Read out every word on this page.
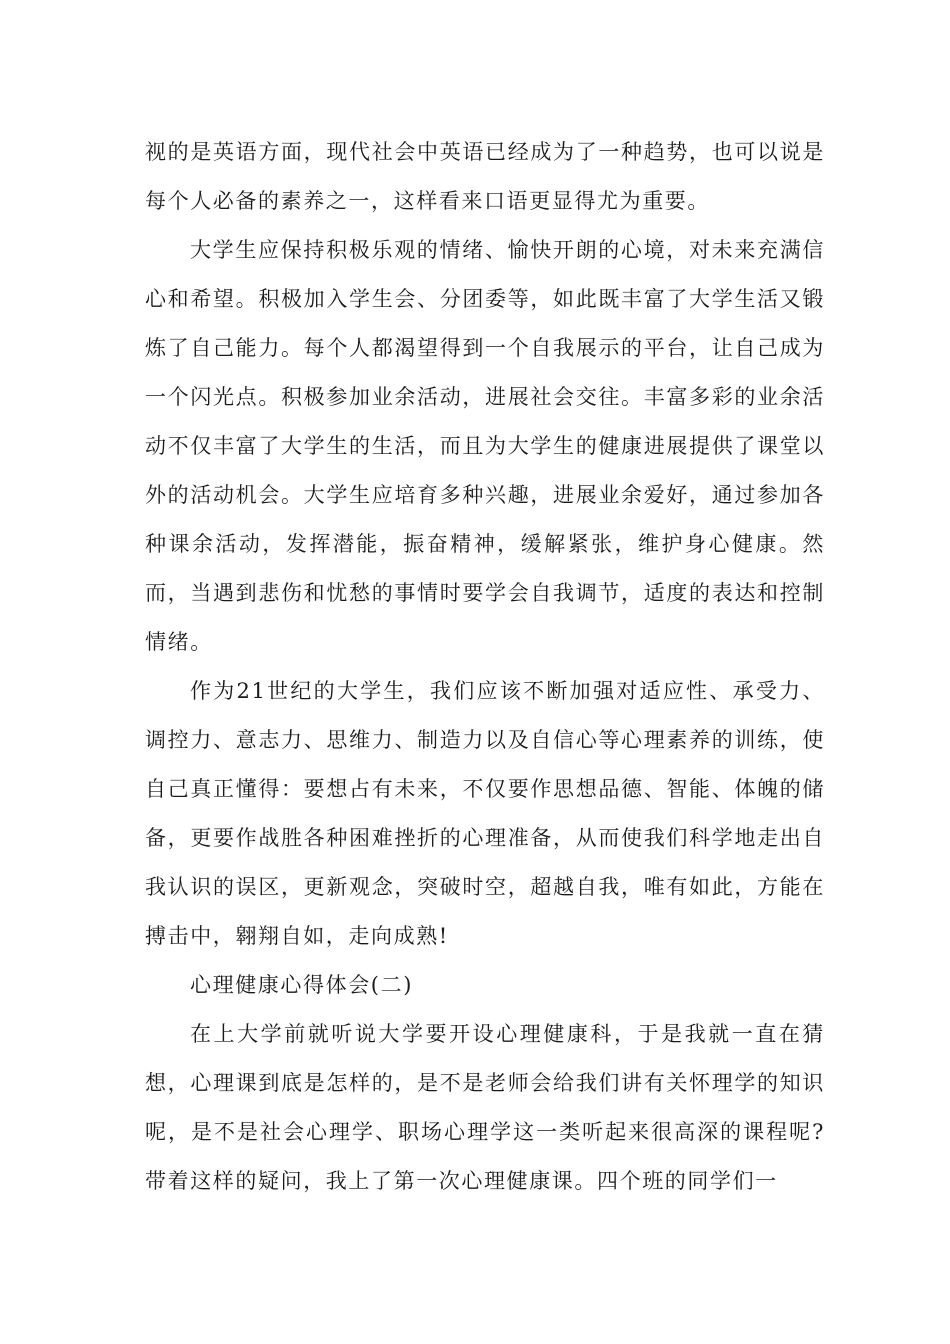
视的是英语方面，现代社会中英语已经成为了一种趋势，也可以说是每个人必备的素养之一，这样看来口语更显得尤为重要。

大学生应保持积极乐观的情绪、愉快开朗的心境，对未来充满信心和希望。积极加入学生会、分团委等，如此既丰富了大学生活又锻炼了自己能力。每个人都渴望得到一个自我展示的平台，让自己成为一个闪光点。积极参加业余活动，进展社会交往。丰富多彩的业余活动不仅丰富了大学生的生活，而且为大学生的健康进展提供了课堂以外的活动机会。大学生应培育多种兴趣，进展业余爱好，通过参加各种课余活动，发挥潜能，振奋精神，缓解紧张，维护身心健康。然而，当遇到悲伤和忧愁的事情时要学会自我调节，适度的表达和控制情绪。

作为21世纪的大学生，我们应该不断加强对适应性、承受力、调控力、意志力、思维力、制造力以及自信心等心理素养的训练，使自己真正懂得：要想占有未来，不仅要作思想品德、智能、体魄的储备，更要作战胜各种困难挫折的心理准备，从而使我们科学地走出自我认识的误区，更新观念，突破时空，超越自我，唯有如此，方能在搏击中，翱翔自如，走向成熟!

心理健康心得体会(二)

在上大学前就听说大学要开设心理健康科，于是我就一直在猜想，心理课到底是怎样的，是不是老师会给我们讲有关怀理学的知识呢，是不是社会心理学、职场心理学这一类听起来很高深的课程呢?带着这样的疑问，我上了第一次心理健康课。四个班的同学们一
